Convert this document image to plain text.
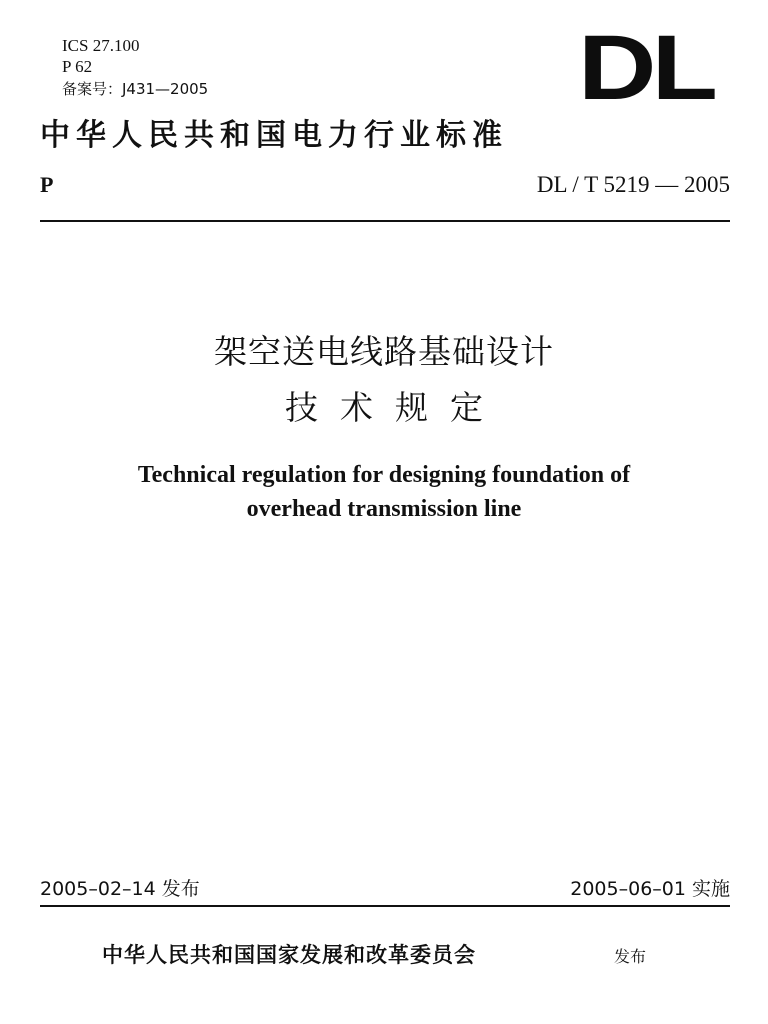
ICS 27.100
P 62
备案号：J431—2005	DL
中华人民共和国电力行业标准
P	DL / T 5219 — 2005
架空送电线路基础设计
技术规定
Technical regulation for designing foundation of
overhead transmission line
2005–02–14 发布	2005–06–01 实施
中华人民共和国国家发展和改革委员会	发布
